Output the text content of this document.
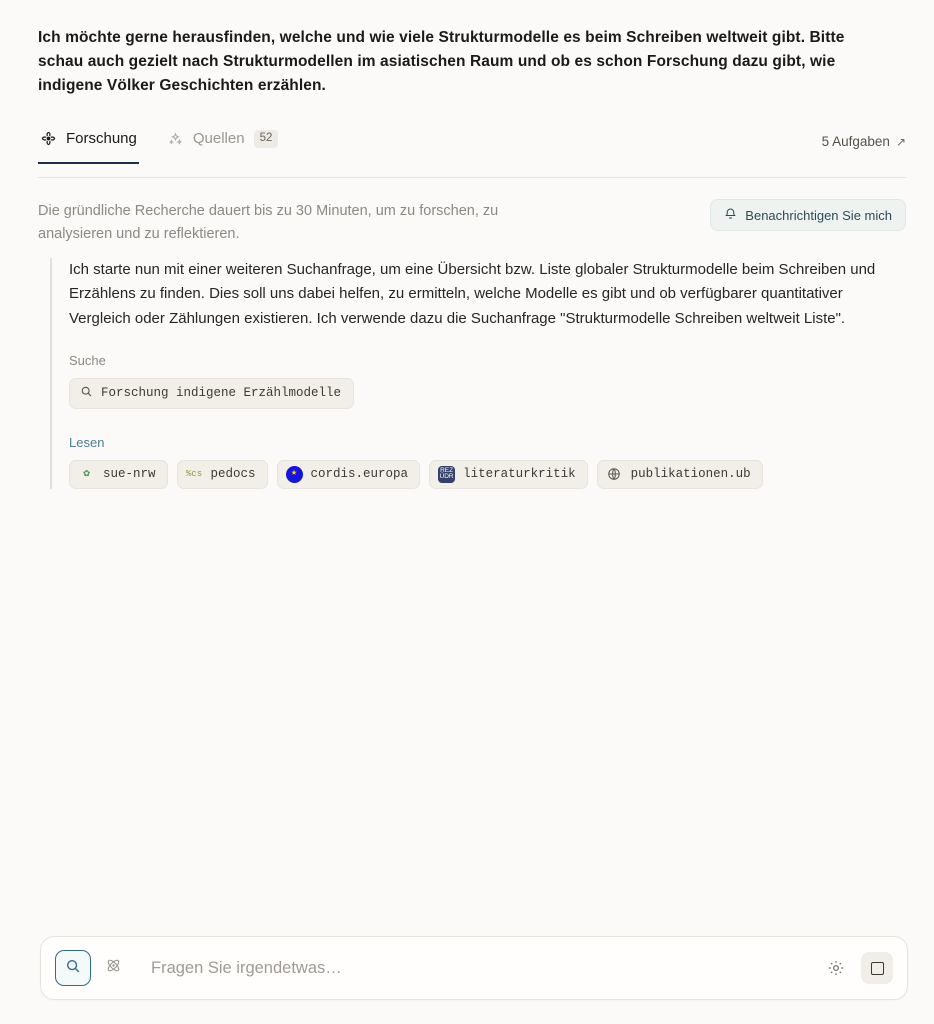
Ich möchte gerne herausfinden, welche und wie viele Strukturmodelle es beim Schreiben weltweit gibt. Bitte schau auch gezielt nach Strukturmodellen im asiatischen Raum und ob es schon Forschung dazu gibt, wie indigene Völker Geschichten erzählen.
Forschung	Quellen	52	5 Aufgaben ↗
Die gründliche Recherche dauert bis zu 30 Minuten, um zu forschen, zu analysieren und zu reflektieren.
Benachrichtigen Sie mich

Ich starte nun mit einer weiteren Suchanfrage, um eine Übersicht bzw. Liste globaler Strukturmodelle beim Schreiben und Erzählens zu finden. Dies soll uns dabei helfen, zu ermitteln, welche Modelle es gibt und ob verfügbarer quantitativer Vergleich oder Zählungen existieren. Ich verwende dazu die Suchanfrage "Strukturmodelle Schreiben weltweit Liste".

Suche
Forschung indigene Erzählmodelle
Lesen
✿	sue-nrw	%cs pedocs	★	cordis.europa	REZ
ÜDR literaturkritik	publikationen.ub
Fragen Sie irgendetwas…
